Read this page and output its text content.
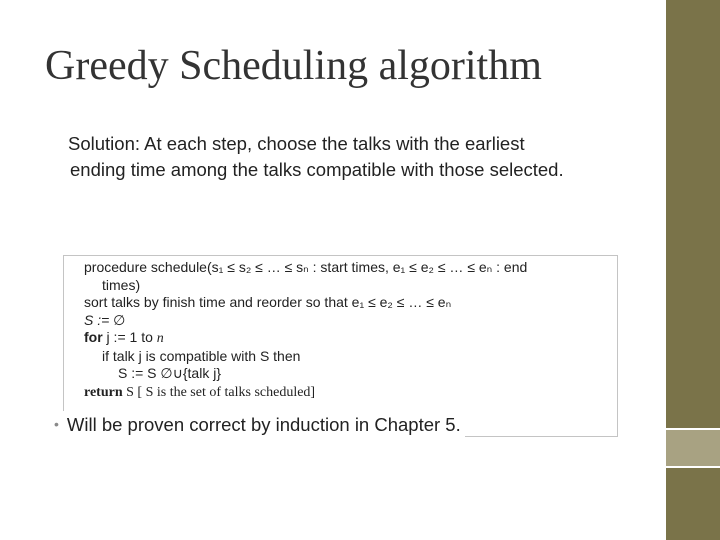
Greedy Scheduling algorithm
Solution: At each step, choose the talks with the earliest
ending time among the talks compatible with those selected.
procedure schedule(s₁ ≤ s₂ ≤ … ≤ sₙ : start times, e₁ ≤ e₂ ≤ … ≤ eₙ : end
times)
sort talks by finish time and reorder so that e₁ ≤ e₂ ≤ … ≤ eₙ
S := ∅
for j := 1 to n
if talk j is compatible with S then
S := S ∅∪{talk j}
return S [ S is the set of talks scheduled]
• Will be proven correct by induction in Chapter 5.
